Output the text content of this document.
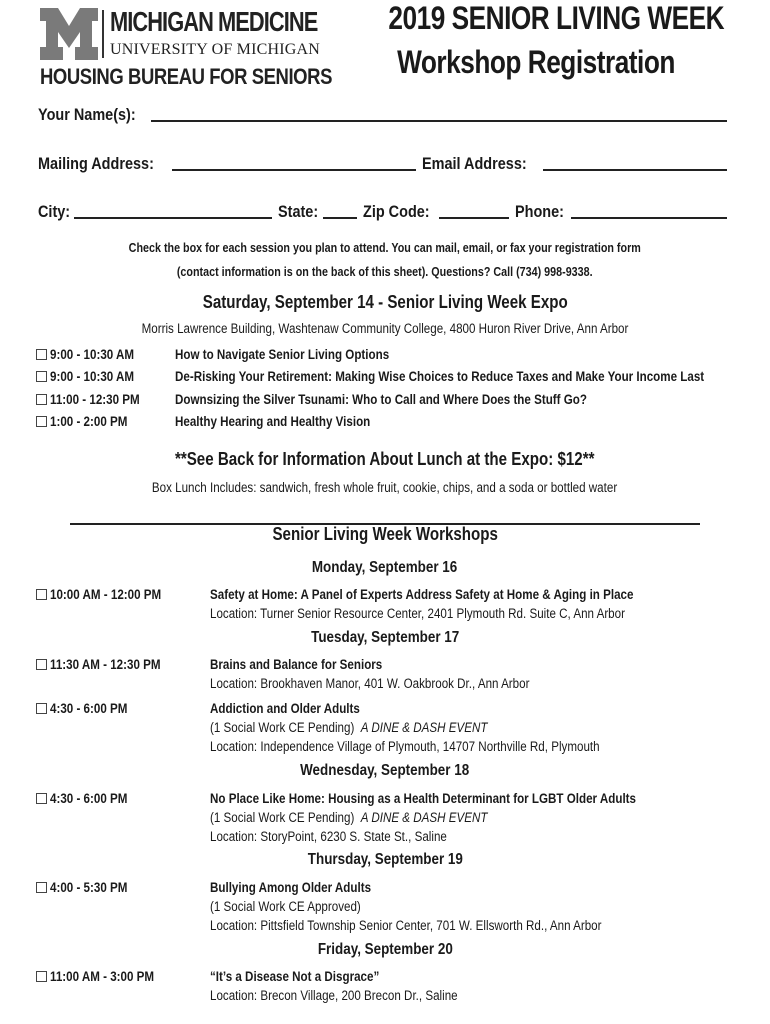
MICHIGAN MEDICINE
UNIVERSITY OF MICHIGAN
HOUSING BUREAU FOR SENIORS
2019 SENIOR LIVING WEEK
Workshop Registration
Your Name(s):
Mailing Address:	Email Address:
City:	State:	Zip Code:	Phone:
Check the box for each session you plan to attend. You can mail, email, or fax your registration form
(contact information is on the back of this sheet). Questions? Call (734) 998-9338.
Saturday, September 14 - Senior Living Week Expo
Morris Lawrence Building, Washtenaw Community College, 4800 Huron River Drive, Ann Arbor
9:00 - 10:30 AM	How to Navigate Senior Living Options
9:00 - 10:30 AM	De-Risking Your Retirement: Making Wise Choices to Reduce Taxes and Make Your Income Last
11:00 - 12:30 PM	Downsizing the Silver Tsunami: Who to Call and Where Does the Stuff Go?
1:00 - 2:00 PM	Healthy Hearing and Healthy Vision
**See Back for Information About Lunch at the Expo: $12**
Box Lunch Includes: sandwich, fresh whole fruit, cookie, chips, and a soda or bottled water
Senior Living Week Workshops
Monday, September 16
10:00 AM - 12:00 PM	Safety at Home: A Panel of Experts Address Safety at Home & Aging in Place
Location: Turner Senior Resource Center, 2401 Plymouth Rd. Suite C, Ann Arbor
Tuesday, September 17
11:30 AM - 12:30 PM	Brains and Balance for Seniors
Location: Brookhaven Manor, 401 W. Oakbrook Dr., Ann Arbor
4:30 - 6:00 PM	Addiction and Older Adults
(1 Social Work CE Pending) A DINE & DASH EVENT
Location: Independence Village of Plymouth, 14707 Northville Rd, Plymouth
Wednesday, September 18
4:30 - 6:00 PM	No Place Like Home: Housing as a Health Determinant for LGBT Older Adults
(1 Social Work CE Pending) A DINE & DASH EVENT
Location: StoryPoint, 6230 S. State St., Saline
Thursday, September 19
4:00 - 5:30 PM	Bullying Among Older Adults
(1 Social Work CE Approved)
Location: Pittsfield Township Senior Center, 701 W. Ellsworth Rd., Ann Arbor
Friday, September 20
11:00 AM - 3:00 PM	“It’s a Disease Not a Disgrace”
Location: Brecon Village, 200 Brecon Dr., Saline
